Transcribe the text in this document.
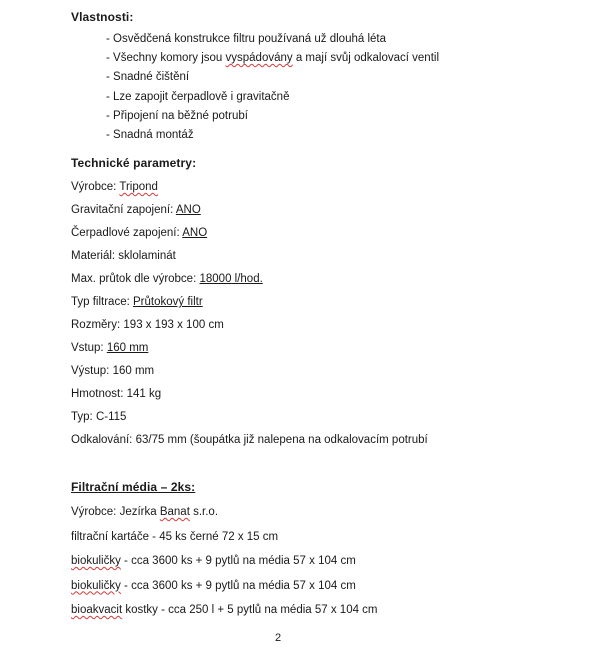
Vlastnosti:
- Osvědčená konstrukce filtru používaná už dlouhá léta
- Všechny komory jsou vyspádovány a mají svůj odkalovací ventil
- Snadné čištění
- Lze zapojit čerpadlově i gravitačně
- Připojení na běžné potrubí
- Snadná montáž
Technické parametry:
Výrobce: Tripond
Gravitační zapojení: ANO
Čerpadlové zapojení: ANO
Materiál: sklolaminát
Max. průtok dle výrobce: 18000 l/hod.
Typ filtrace: Průtokový filtr
Rozměry: 193 x 193 x 100 cm
Vstup: 160 mm
Výstup: 160 mm
Hmotnost: 141 kg
Typ: C-115
Odkalování: 63/75 mm (šoupátka již nalepena na odkalovacím potrubí
Filtrační média – 2ks:
Výrobce: Jezírka Banat s.r.o.
filtrační kartáče - 45 ks černé 72 x 15 cm
biokuličky - cca 3600 ks + 9 pytlů na média 57 x 104 cm
biokuličky - cca 3600 ks + 9 pytlů na média 57 x 104 cm
bioakvacit kostky - cca 250 l + 5 pytlů na média 57 x 104 cm
2
